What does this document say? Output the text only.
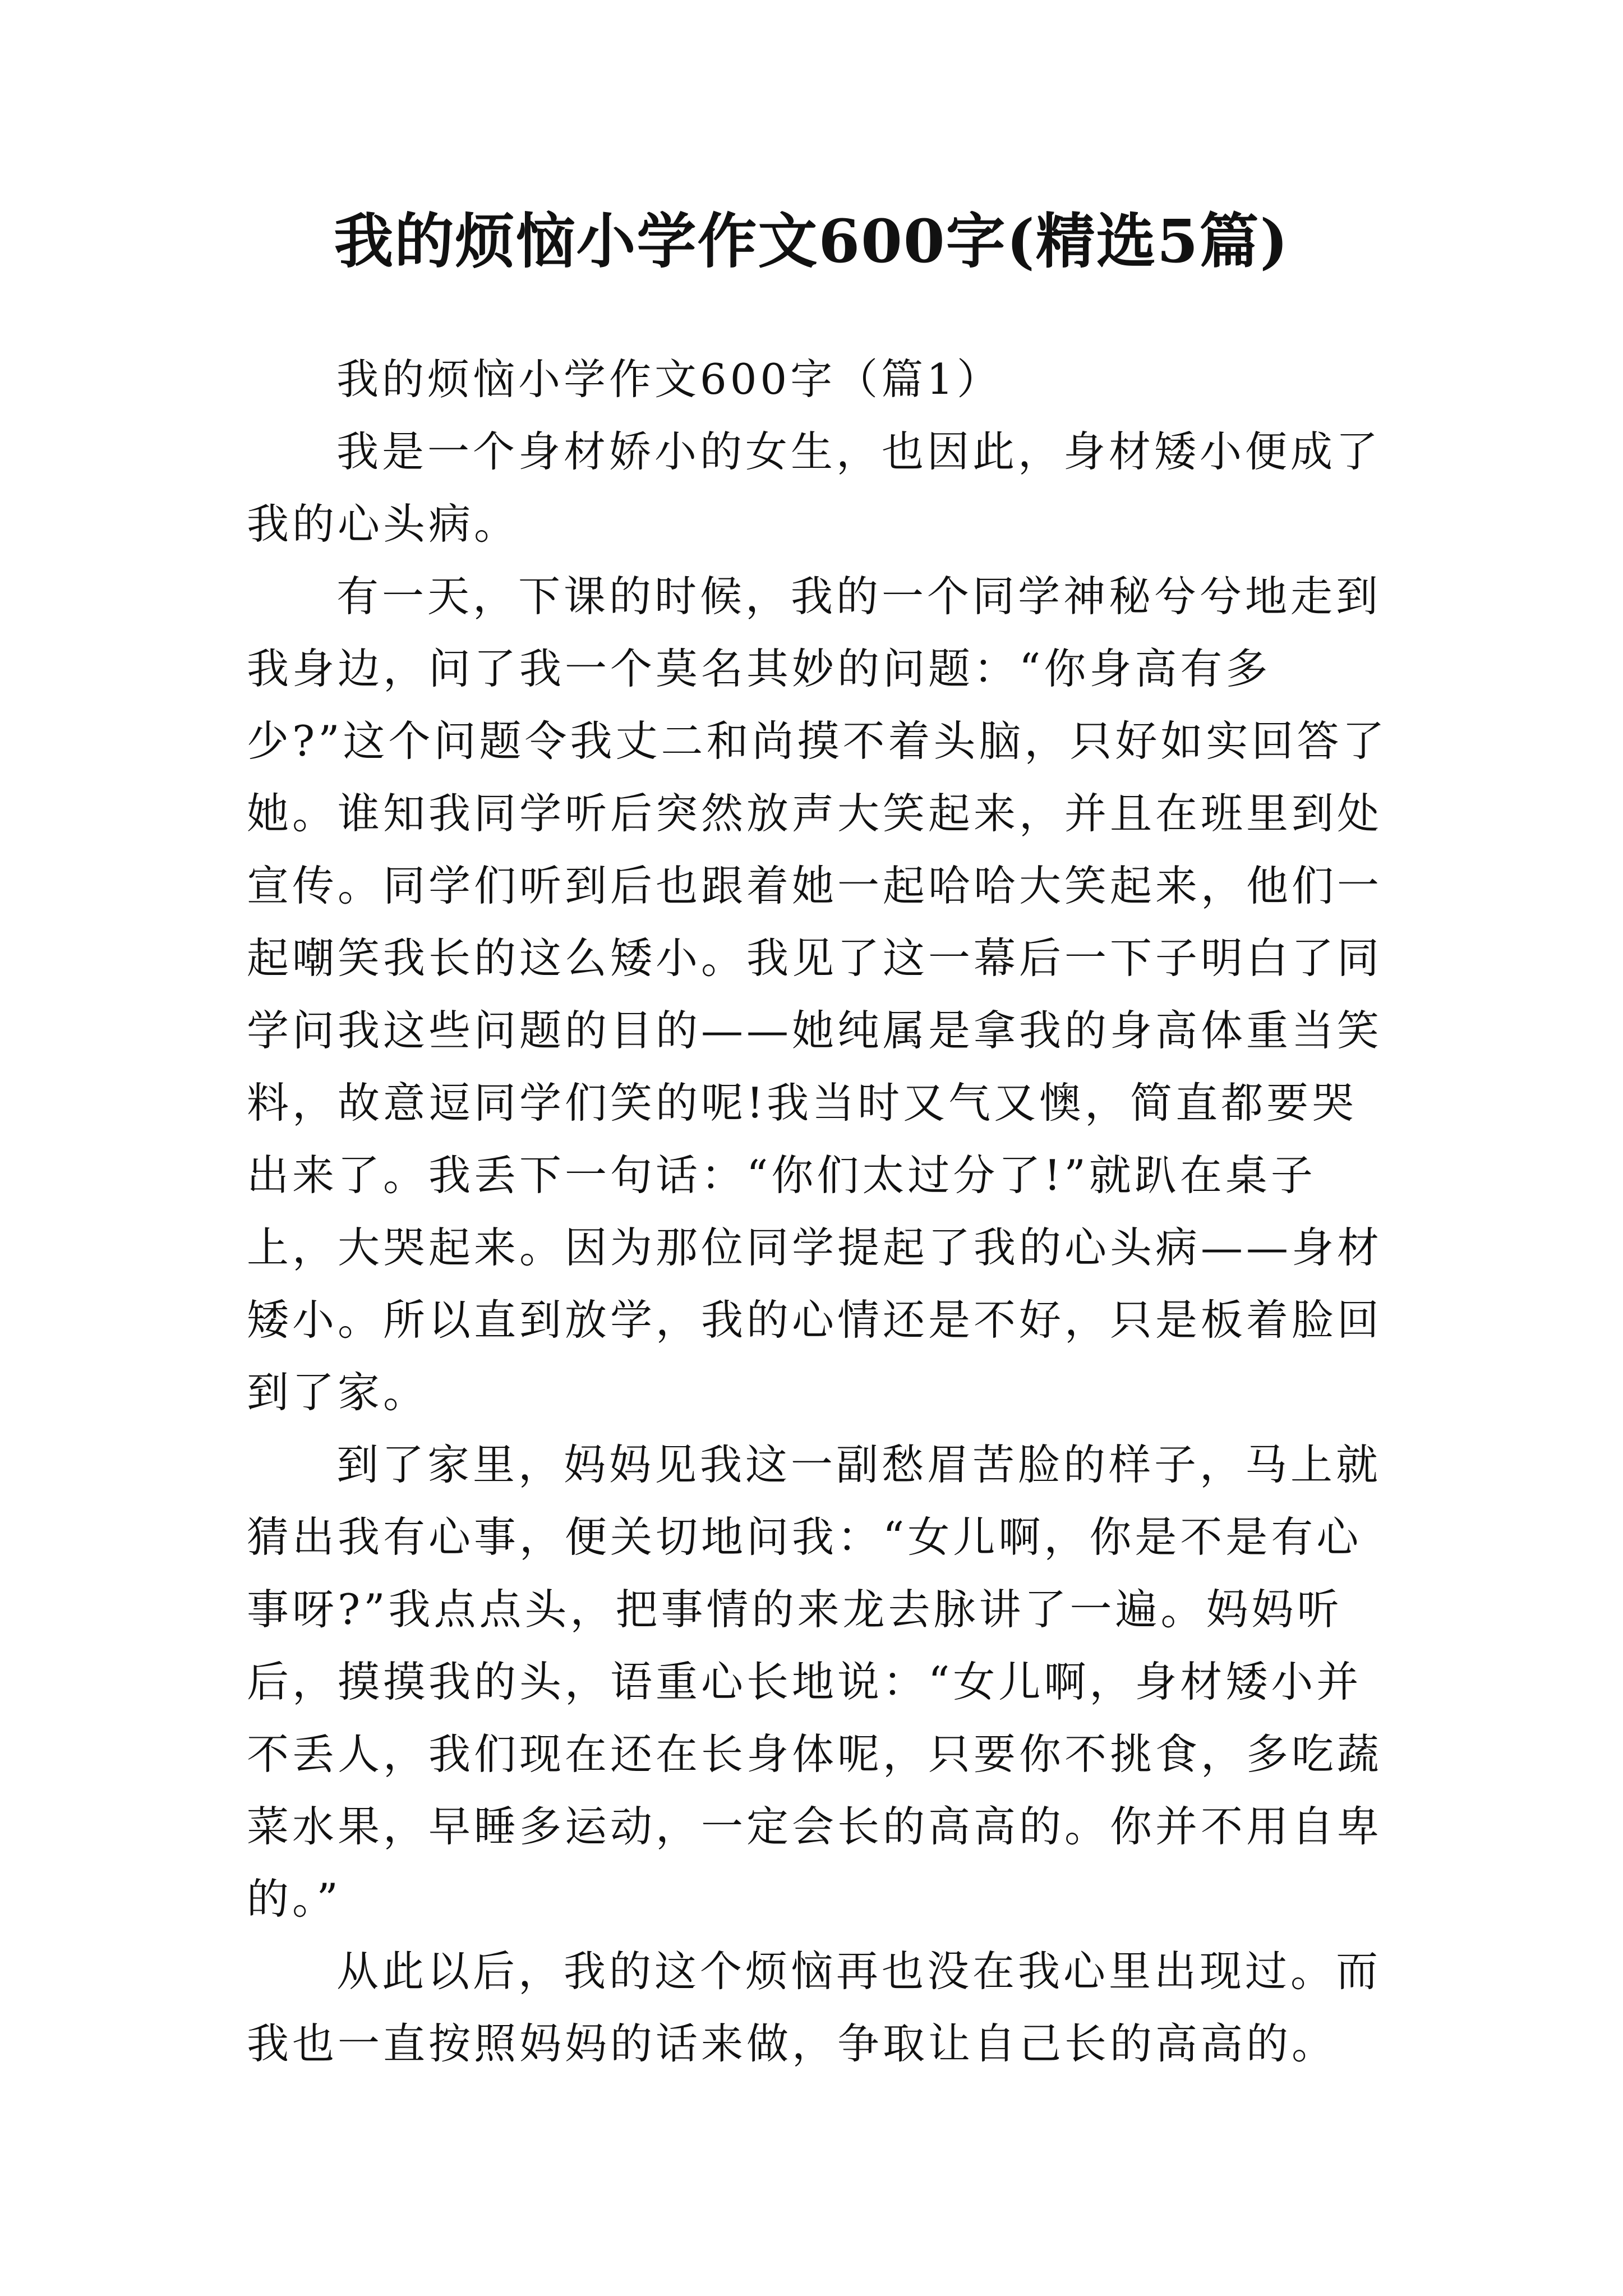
我的烦恼小学作文600字(精选5篇)
我的烦恼小学作文600字（篇1）

我是一个身材娇小的女生，也因此，身材矮小便成了我的心头病。

有一天，下课的时候，我的一个同学神秘兮兮地走到我身边，问了我一个莫名其妙的问题：“你身高有多少?”这个问题令我丈二和尚摸不着头脑，只好如实回答了她。谁知我同学听后突然放声大笑起来，并且在班里到处宣传。同学们听到后也跟着她一起哈哈大笑起来，他们一起嘲笑我长的这么矮小。我见了这一幕后一下子明白了同学问我这些问题的目的——她纯属是拿我的身高体重当笑料，故意逗同学们笑的呢!我当时又气又懊，简直都要哭出来了。我丢下一句话：“你们太过分了!”就趴在桌子上，大哭起来。因为那位同学提起了我的心头病——身材矮小。所以直到放学，我的心情还是不好，只是板着脸回到了家。

到了家里，妈妈见我这一副愁眉苦脸的样子，马上就猜出我有心事，便关切地问我：“女儿啊，你是不是有心事呀?”我点点头，把事情的来龙去脉讲了一遍。妈妈听后，摸摸我的头，语重心长地说：“女儿啊，身材矮小并不丢人，我们现在还在长身体呢，只要你不挑食，多吃蔬菜水果，早睡多运动，一定会长的高高的。你并不用自卑的。”

从此以后，我的这个烦恼再也没在我心里出现过。而我也一直按照妈妈的话来做，争取让自己长的高高的。
